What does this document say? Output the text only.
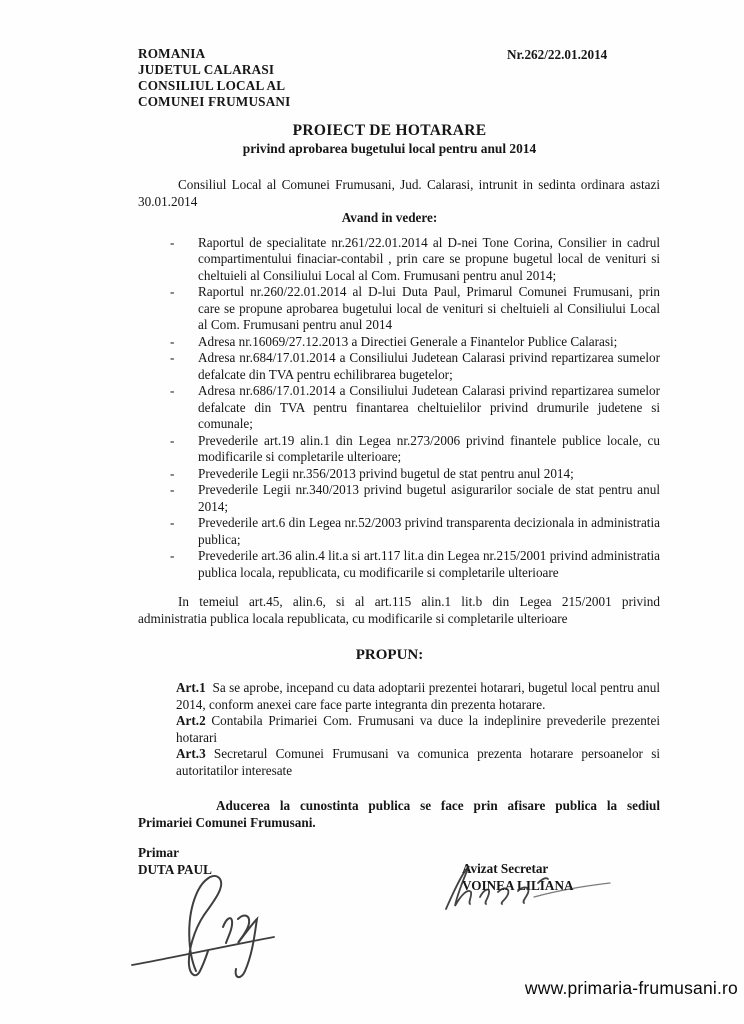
ROMANIA

JUDETUL CALARASI

CONSILIUL LOCAL AL

COMUNEI FRUMUSANI

Nr.262/22.01.2014
PROIECT DE HOTARARE
privind aprobarea bugetului local pentru anul 2014

Consiliul Local al Comunei Frumusani, Jud. Calarasi, intrunit in sedinta ordinara astazi
30.01.2014

Avand in vedere:
-	Raportul de specialitate nr.261/22.01.2014 al D-nei Tone Corina, Consilier in cadrul compartimentului finaciar-contabil , prin care se propune bugetul local de venituri si cheltuieli al Consiliului Local al Com. Frumusani pentru anul 2014;
-	Raportul nr.260/22.01.2014 al D-lui Duta Paul, Primarul Comunei Frumusani, prin care se propune aprobarea bugetului local de venituri si cheltuieli al Consiliului Local al Com. Frumusani pentru anul 2014
-	Adresa nr.16069/27.12.2013 a Directiei Generale a Finantelor Publice Calarasi;
-	Adresa nr.684/17.01.2014 a Consiliului Judetean Calarasi privind repartizarea sumelor defalcate din TVA pentru echilibrarea bugetelor;
-	Adresa nr.686/17.01.2014 a Consiliului Judetean Calarasi privind repartizarea sumelor defalcate din TVA pentru finantarea cheltuielilor privind drumurile judetene si comunale;
-	Prevederile art.19 alin.1 din Legea nr.273/2006 privind finantele publice locale, cu modificarile si completarile ulterioare;
-	Prevederile Legii nr.356/2013 privind bugetul de stat pentru anul 2014;
-	Prevederile Legii nr.340/2013 privind bugetul asigurarilor sociale de stat pentru anul 2014;
-	Prevederile art.6 din Legea nr.52/2003 privind transparenta decizionala in administratia publica;
-	Prevederile art.36 alin.4 lit.a si art.117 lit.a din Legea nr.215/2001 privind administratia publica locala, republicata, cu modificarile si completarile ulterioare

In temeiul art.45, alin.6, si al art.115 alin.1 lit.b din Legea 215/2001 privind
administratia publica locala republicata, cu modificarile si completarile ulterioare

PROPUN:

Art.1 Sa se aprobe, incepand cu data adoptarii prezentei hotarari, bugetul local pentru anul 2014, conform anexei care face parte integranta din prezenta hotarare.

Art.2 Contabila Primariei Com. Frumusani va duce la indeplinire prevederile prezentei hotarari

Art.3 Secretarul Comunei Frumusani va comunica prezenta hotarare persoanelor si autoritatilor interesate

Aducerea la cunostinta publica se face prin afisare publica la sediul
Primariei Comunei Frumusani.

Primar

DUTA PAUL	Avizat Secretar

VOINEA LILIANA

www.primaria-frumusani.ro
